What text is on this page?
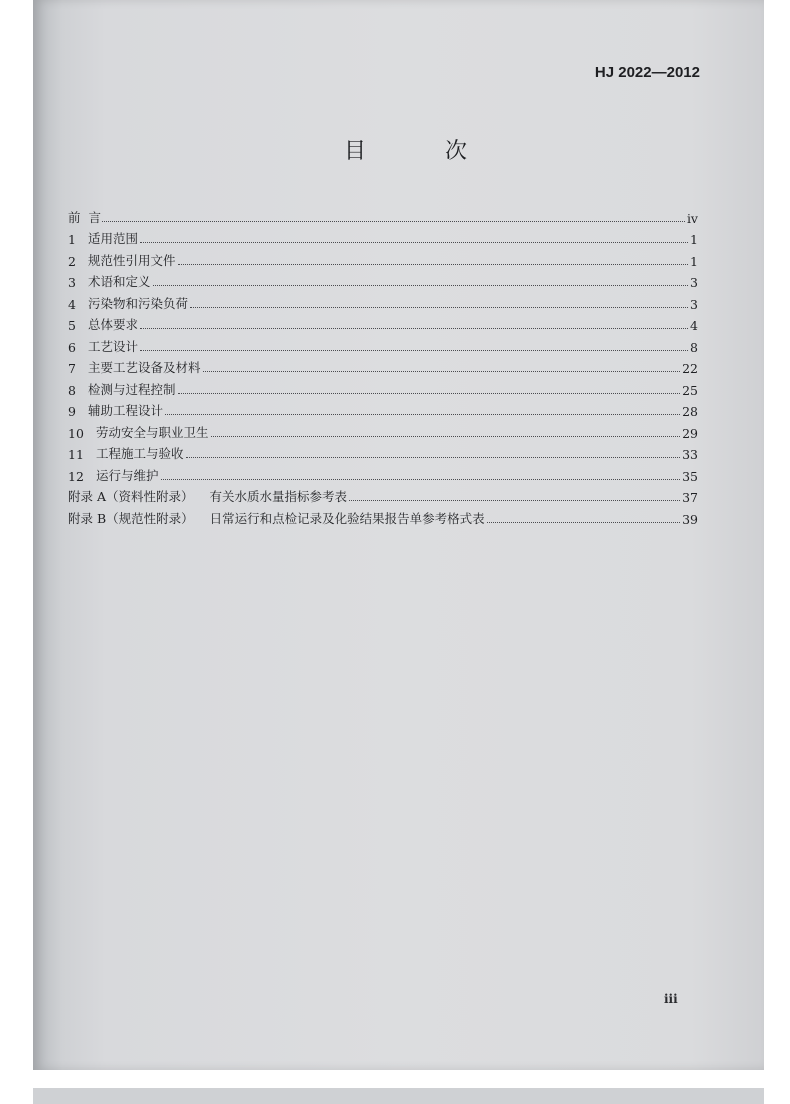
HJ 2022—2012
目 次
前言	iv
1 适用范围	1
2 规范性引用文件	1
3 术语和定义	3
4 污染物和污染负荷	3
5 总体要求	4
6 工艺设计	8
7 主要工艺设备及材料	22
8 检测与过程控制	25
9 辅助工程设计	28
10 劳动安全与职业卫生	29
11 工程施工与验收	33
12 运行与维护	35
附录 A（资料性附录）	有关水质水量指标参考表	37
附录 B（规范性附录）	日常运行和点检记录及化验结果报告单参考格式表	39
iii
